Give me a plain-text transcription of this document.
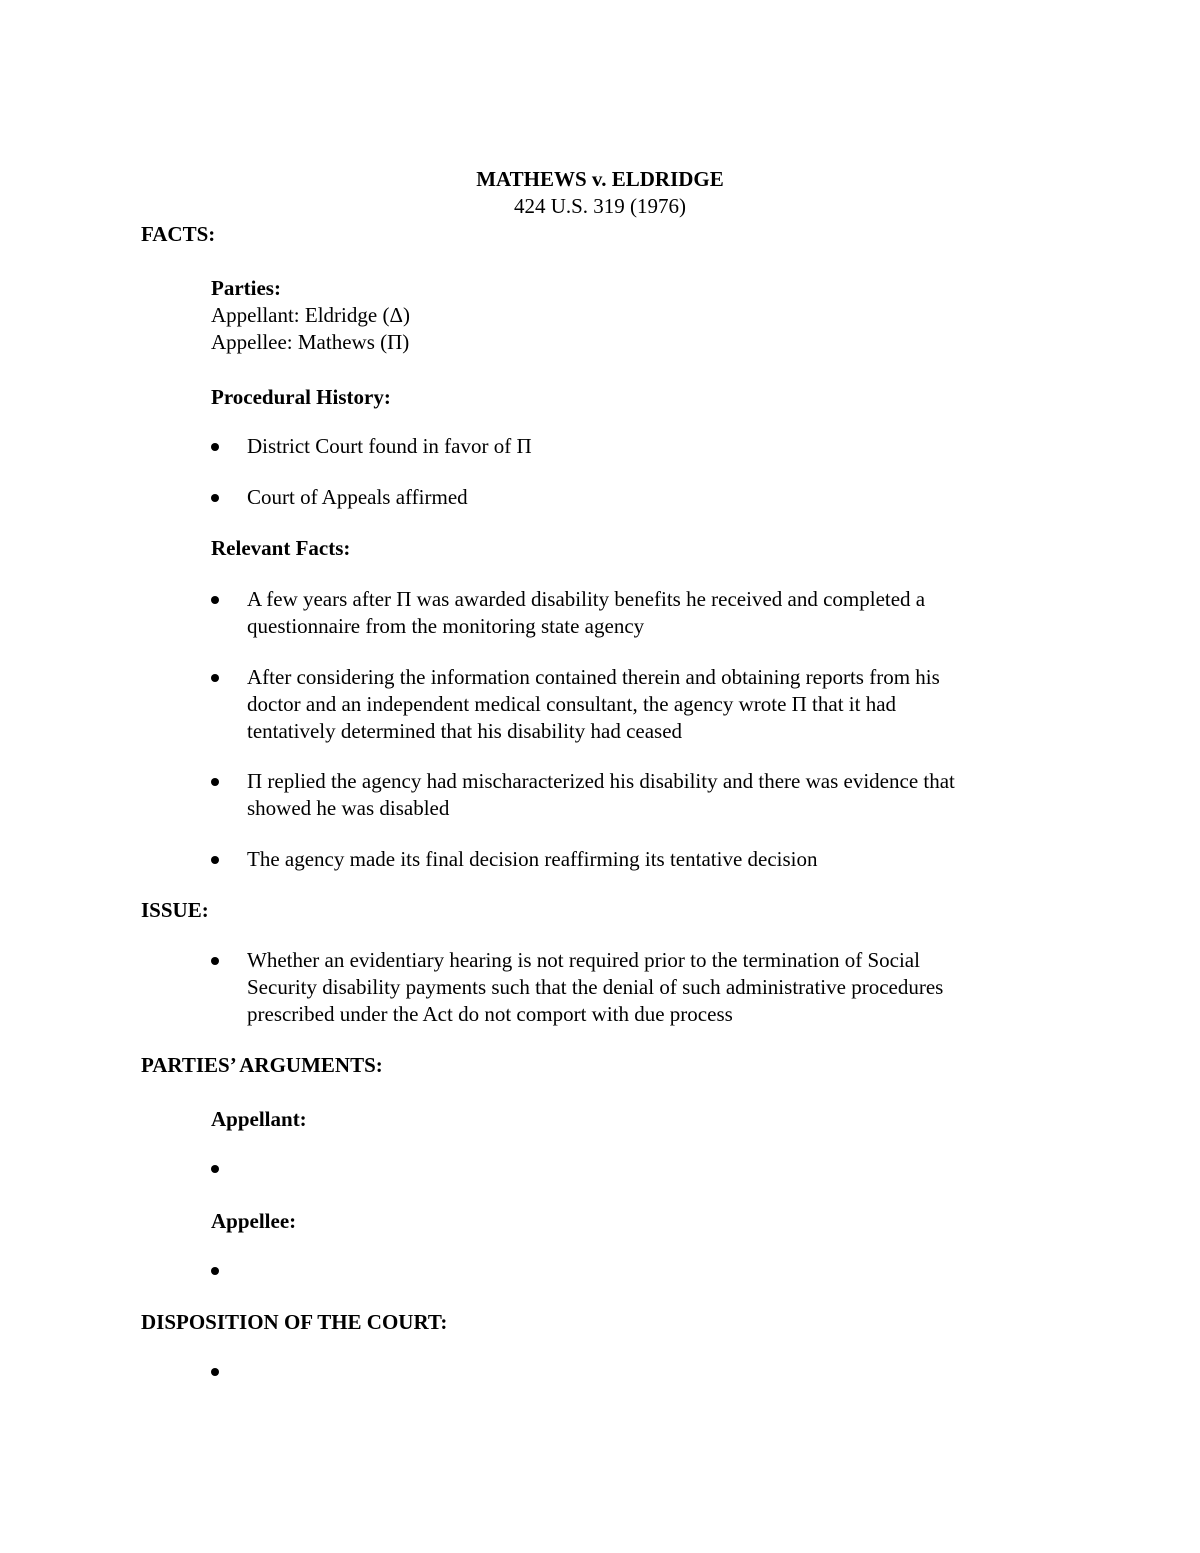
MATHEWS v. ELDRIDGE
424 U.S. 319 (1976)
FACTS:
Parties:
Appellant: Eldridge (Δ)
Appellee: Mathews (Π)
Procedural History:
District Court found in favor of Π
Court of Appeals affirmed
Relevant Facts:
A few years after Π was awarded disability benefits he received and completed a
questionnaire from the monitoring state agency
After considering the information contained therein and obtaining reports from his
doctor and an independent medical consultant, the agency wrote Π that it had
tentatively determined that his disability had ceased
Π replied the agency had mischaracterized his disability and there was evidence that
showed he was disabled
The agency made its final decision reaffirming its tentative decision
ISSUE:
Whether an evidentiary hearing is not required prior to the termination of Social
Security disability payments such that the denial of such administrative procedures
prescribed under the Act do not comport with due process
PARTIES’ ARGUMENTS:
Appellant:
Appellee:
DISPOSITION OF THE COURT:
